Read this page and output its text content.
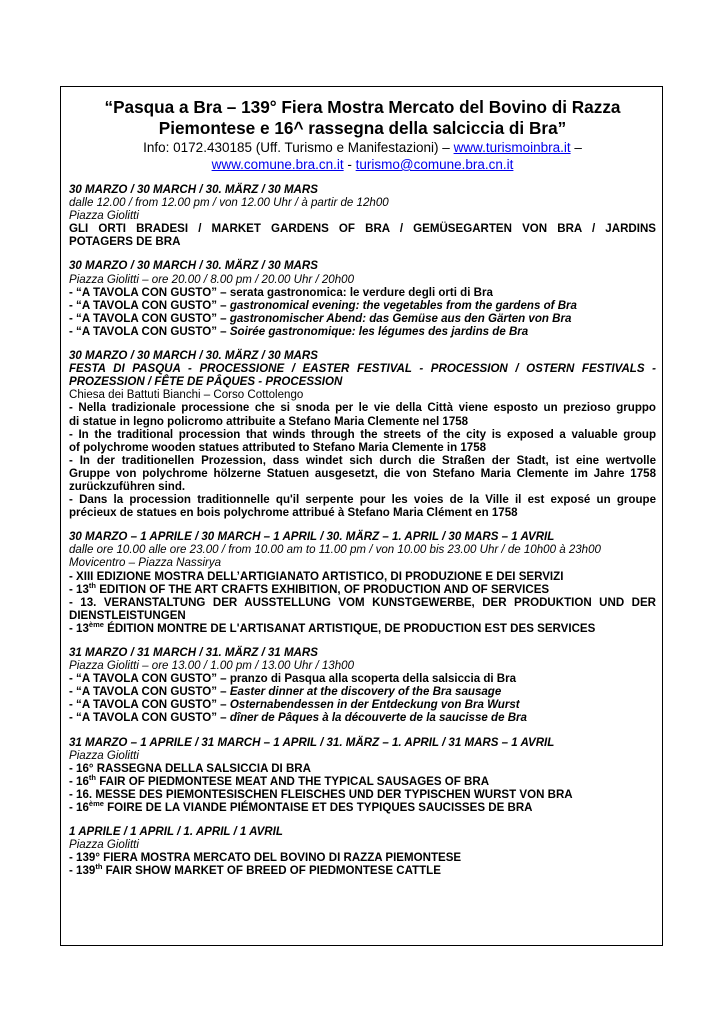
“Pasqua a Bra – 139° Fiera Mostra Mercato del Bovino di Razza
Piemontese e 16^ rassegna della salciccia di Bra”
Info: 0172.430185 (Uff. Turismo e Manifestazioni) – www.turismoinbra.it –
www.comune.bra.cn.it - turismo@comune.bra.cn.it

30 MARZO / 30 MARCH / 30. MÄRZ / 30 MARS

dalle 12.00 / from 12.00 pm / von 12.00 Uhr / à partir de 12h00

Piazza Giolitti

GLI ORTI BRADESI / MARKET GARDENS OF BRA / GEMÜSEGARTEN VON BRA / JARDINS

POTAGERS DE BRA

30 MARZO / 30 MARCH / 30. MÄRZ / 30 MARS

Piazza Giolitti – ore 20.00 / 8.00 pm / 20.00 Uhr / 20h00

- “A TAVOLA CON GUSTO” – serata gastronomica: le verdure degli orti di Bra

- “A TAVOLA CON GUSTO” – gastronomical evening: the vegetables from the gardens of Bra

- “A TAVOLA CON GUSTO” – gastronomischer Abend: das Gemüse aus den Gärten von Bra

- “A TAVOLA CON GUSTO” – Soirée gastronomique: les légumes des jardins de Bra

30 MARZO / 30 MARCH / 30. MÄRZ / 30 MARS

FESTA DI PASQUA - PROCESSIONE / EASTER FESTIVAL - PROCESSION / OSTERN FESTIVALS -

PROZESSION / FÊTE DE PÂQUES - PROCESSION

Chiesa dei Battuti Bianchi – Corso Cottolengo

- Nella tradizionale processione che si snoda per le vie della Città viene esposto un prezioso gruppo

di statue in legno policromo attribuite a Stefano Maria Clemente nel 1758

- In the traditional procession that winds through the streets of the city is exposed a valuable group

of polychrome wooden statues attributed to Stefano Maria Clemente in 1758

- In der traditionellen Prozession, dass windet sich durch die Straßen der Stadt, ist eine wertvolle

Gruppe von polychrome hölzerne Statuen ausgesetzt, die von Stefano Maria Clemente im Jahre 1758

zurückzuführen sind.

- Dans la procession traditionnelle qu'il serpente pour les voies de la Ville il est exposé un groupe

précieux de statues en bois polychrome attribué à Stefano Maria Clément en 1758

30 MARZO – 1 APRILE / 30 MARCH – 1 APRIL / 30. MÄRZ – 1. APRIL / 30 MARS – 1 AVRIL

dalle ore 10.00 alle ore 23.00 / from 10.00 am to 11.00 pm / von 10.00 bis 23.00 Uhr / de 10h00 à 23h00

Movicentro – Piazza Nassirya

- XIII EDIZIONE MOSTRA DELL’ARTIGIANATO ARTISTICO, DI PRODUZIONE E DEI SERVIZI

- 13th EDITION OF THE ART CRAFTS EXHIBITION, OF PRODUCTION AND OF SERVICES

- 13. VERANSTALTUNG DER AUSSTELLUNG VOM KUNSTGEWERBE, DER PRODUKTION UND DER

DIENSTLEISTUNGEN

- 13ème ÉDITION MONTRE DE L'ARTISANAT ARTISTIQUE, DE PRODUCTION EST DES SERVICES

31 MARZO / 31 MARCH / 31. MÄRZ / 31 MARS

Piazza Giolitti – ore 13.00 / 1.00 pm / 13.00 Uhr / 13h00

- “A TAVOLA CON GUSTO” – pranzo di Pasqua alla scoperta della salsiccia di Bra

- “A TAVOLA CON GUSTO” – Easter dinner at the discovery of the Bra sausage

- “A TAVOLA CON GUSTO” – Osternabendessen in der Entdeckung von Bra Wurst

- “A TAVOLA CON GUSTO” – dîner de Pâques à la découverte de la saucisse de Bra

31 MARZO – 1 APRILE / 31 MARCH – 1 APRIL / 31. MÄRZ – 1. APRIL / 31 MARS – 1 AVRIL

Piazza Giolitti

- 16° RASSEGNA DELLA SALSICCIA DI BRA

- 16th FAIR OF PIEDMONTESE MEAT AND THE TYPICAL SAUSAGES OF BRA

- 16. MESSE DES PIEMONTESISCHEN FLEISCHES UND DER TYPISCHEN WURST VON BRA

- 16ème FOIRE DE LA VIANDE PIÉMONTAISE ET DES TYPIQUES SAUCISSES DE BRA

1 APRILE / 1 APRIL / 1. APRIL / 1 AVRIL

Piazza Giolitti

- 139° FIERA MOSTRA MERCATO DEL BOVINO DI RAZZA PIEMONTESE

- 139th FAIR SHOW MARKET OF BREED OF PIEDMONTESE CATTLE
